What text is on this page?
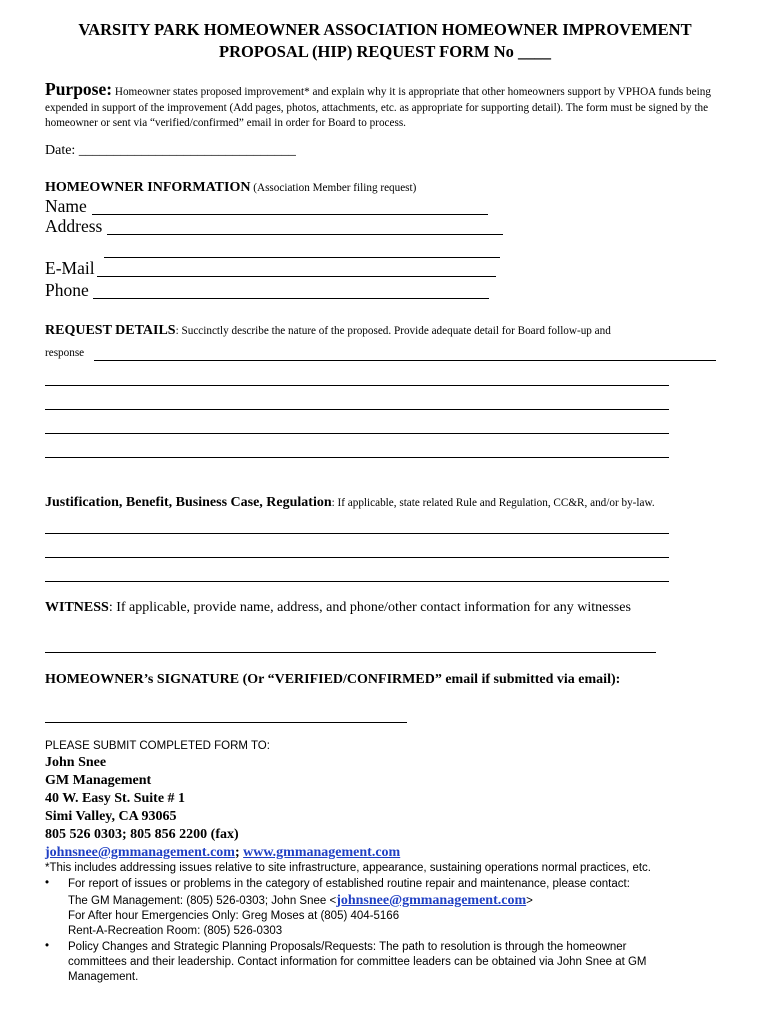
VARSITY PARK HOMEOWNER ASSOCIATION HOMEOWNER IMPROVEMENT
PROPOSAL (HIP) REQUEST FORM No ____
Purpose: Homeowner states proposed improvement* and explain why it is appropriate that other homeowners support by VPHOA funds being expended in support of the improvement (Add pages, photos, attachments, etc. as appropriate for supporting detail). The form must be signed by the homeowner or sent via “verified/confirmed” email in order for Board to process.
Date: _______________________________
HOMEOWNER INFORMATION (Association Member filing request)
Name
Address
E-Mail
Phone
REQUEST DETAILS: Succinctly describe the nature of the proposed. Provide adequate detail for Board follow-up and
response
Justification, Benefit, Business Case, Regulation: If applicable, state related Rule and Regulation, CC&R, and/or by-law.
WITNESS: If applicable, provide name, address, and phone/other contact information for any witnesses
HOMEOWNER’s SIGNATURE (Or “VERIFIED/CONFIRMED” email if submitted via email):
PLEASE SUBMIT COMPLETED FORM TO:
John Snee
GM Management
40 W. Easy St. Suite # 1
Simi Valley, CA 93065
805 526 0303; 805 856 2200 (fax)
johnsnee@gmmanagement.com; www.gmmanagement.com
*This includes addressing issues relative to site infrastructure, appearance, sustaining operations normal practices, etc.
• For report of issues or problems in the category of established routine repair and maintenance, please contact:
The GM Management: (805) 526-0303; John Snee <johnsnee@gmmanagement.com>
For After hour Emergencies Only: Greg Moses at (805) 404-5166
Rent-A-Recreation Room: (805) 526-0303
• Policy Changes and Strategic Planning Proposals/Requests: The path to resolution is through the homeowner
committees and their leadership. Contact information for committee leaders can be obtained via John Snee at GM
Management.
